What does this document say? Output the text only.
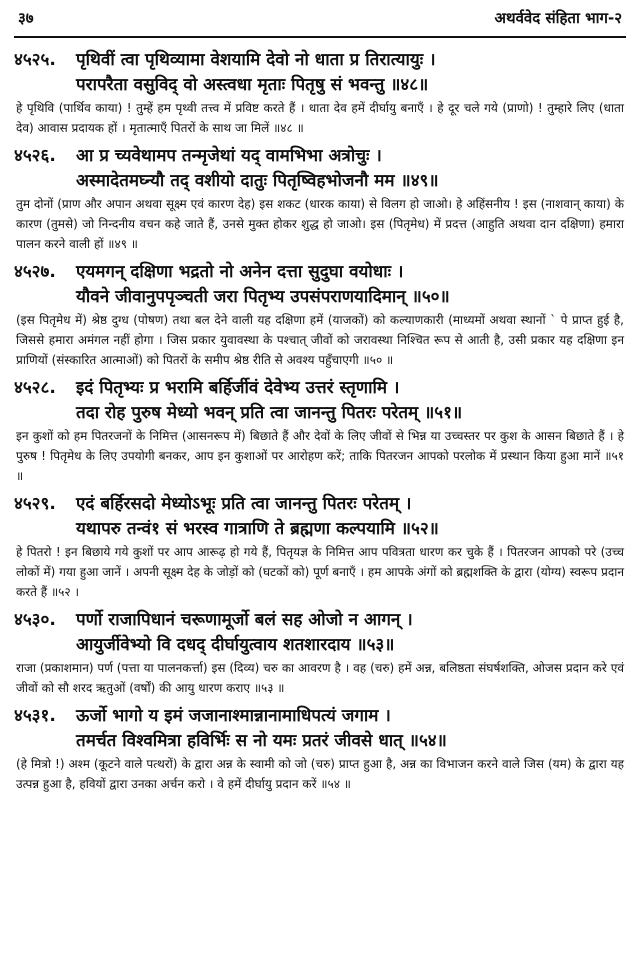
३७	अथर्ववेद संहिता भाग-२
४५२५.	पृथिवीं त्वा पृथिव्यामा वेशयामि देवो नो धाता प्र तिरात्यायुः ।
परापरैता वसुविद् वो अस्त्वधा मृताः पितृषु सं भवन्तु ॥४८॥

हे पृथिवि (पार्थिव काया) ! तुम्हें हम पृथ्वी तत्त्व में प्रविष्ट करते हैं । धाता देव हमें दीर्घायु बनाएँ । हे दूर चले गये (प्राणो) ! तुम्हारे लिए (धाता देव) आवास प्रदायक हों । मृतात्माएँ पितरों के साथ जा मिलें ॥४८ ॥

४५२६.	आ प्र च्यवेथामप तन्मृजेथां यद् वामभिभा अत्रोचुः ।
अस्मादेतमघ्न्यौ तद् वशीयो दातुः पितृष्विहभोजनौ मम ॥४९॥

तुम दोनों (प्राण और अपान अथवा सूक्ष्म एवं कारण देह) इस शकट (धारक काया) से विलग हो जाओ। हे अहिंसनीय ! इस (नाशवान् काया) के कारण (तुमसे) जो निन्दनीय वचन कहे जाते हैं, उनसे मुक्त होकर शुद्ध हो जाओ। इस (पितृमेध) में प्रदत्त (आहुति अथवा दान दक्षिणा) हमारा पालन करने वाली हों ॥४९ ॥

४५२७.	एयमगन् दक्षिणा भद्रतो नो अनेन दत्ता सुदुघा वयोधाः ।
यौवने जीवानुपपृञ्चती जरा पितृभ्य उपसंपराणयादिमान् ॥५०॥

(इस पितृमेध में) श्रेष्ठ दुग्ध (पोषण) तथा बल देने वाली यह दक्षिणा हमें (याजकों) को कल्याणकारी (माध्यमों अथवा स्थानों ` पे प्राप्त हुई है, जिससे हमारा अमंगल नहीं होगा । जिस प्रकार युवावस्था के पश्चात् जीवों को जरावस्था निश्चित रूप से आती है, उसी प्रकार यह दक्षिणा इन प्राणियों (संस्कारित आत्माओं) को पितरों के समीप श्रेष्ठ रीति से अवश्य पहुँचाएगी ॥५० ॥

४५२८.	इदं पितृभ्यः प्र भरामि बर्हिर्जीवं देवेभ्य उत्तरं स्तृणामि ।
तदा रोह पुरुष मेध्यो भवन् प्रति त्वा जानन्तु पितरः परेतम् ॥५१॥

इन कुशों को हम पितरजनों के निमित्त (आसनरूप में) बिछाते हैं और देवों के लिए जीवों से भिन्न या उच्चस्तर पर कुश के आसन बिछाते हैं । हे पुरुष ! पितृमेध के लिए उपयोगी बनकर, आप इन कुशाओं पर आरोहण करें; ताकि पितरजन आपको परलोक में प्रस्थान किया हुआ मानें ॥५१ ॥

४५२९.	एदं बर्हिरसदो मेध्योऽभूः प्रति त्वा जानन्तु पितरः परेतम् ।
यथापरु तन्वं१ सं भरस्व गात्राणि ते ब्रह्मणा कल्पयामि ॥५२॥

हे पितरो ! इन बिछाये गये कुशों पर आप आरूढ़ हो गये हैं, पितृयज्ञ के निमित्त आप पवित्रता धारण कर चुके हैं । पितरजन आपको परे (उच्च लोकों में) गया हुआ जानें । अपनी सूक्ष्म देह के जोड़ों को (घटकों को) पूर्ण बनाएँ । हम आपके अंगों को ब्रह्मशक्ति के द्वारा (योग्य) स्वरूप प्रदान करते हैं ॥५२ ।

४५३०.	पर्णो राजापिधानं चरूणामूर्जो बलं सह ओजो न आगन् ।
आयुर्जीवेभ्यो वि दधद् दीर्घायुत्वाय शतशारदाय ॥५३॥

राजा (प्रकाशमान) पर्ण (पत्ता या पालनकर्त्ता) इस (दिव्य) चरु का आवरण है । वह (चरु) हमें अन्न, बलिष्ठता संघर्षशक्ति, ओजस प्रदान करे एवं जीवों को सौ शरद ऋतुओं (वर्षों) की आयु धारण कराए ॥५३ ॥

४५३१.	ऊर्जो भागो य इमं जजानाश्मान्नानामाधिपत्यं जगाम ।
तमर्चत विश्वमित्रा हविर्भिः स नो यमः प्रतरं जीवसे धात् ॥५४॥

(हे मित्रो !) अश्म (कूटने वाले पत्थरों) के द्वारा अन्न के स्वामी को जो (चरु) प्राप्त हुआ है, अन्न का विभाजन करने वाले जिस (यम) के द्वारा यह उत्पन्न हुआ है, हवियों द्वारा उनका अर्चन करो । वे हमें दीर्घायु प्रदान करें ॥५४ ॥
